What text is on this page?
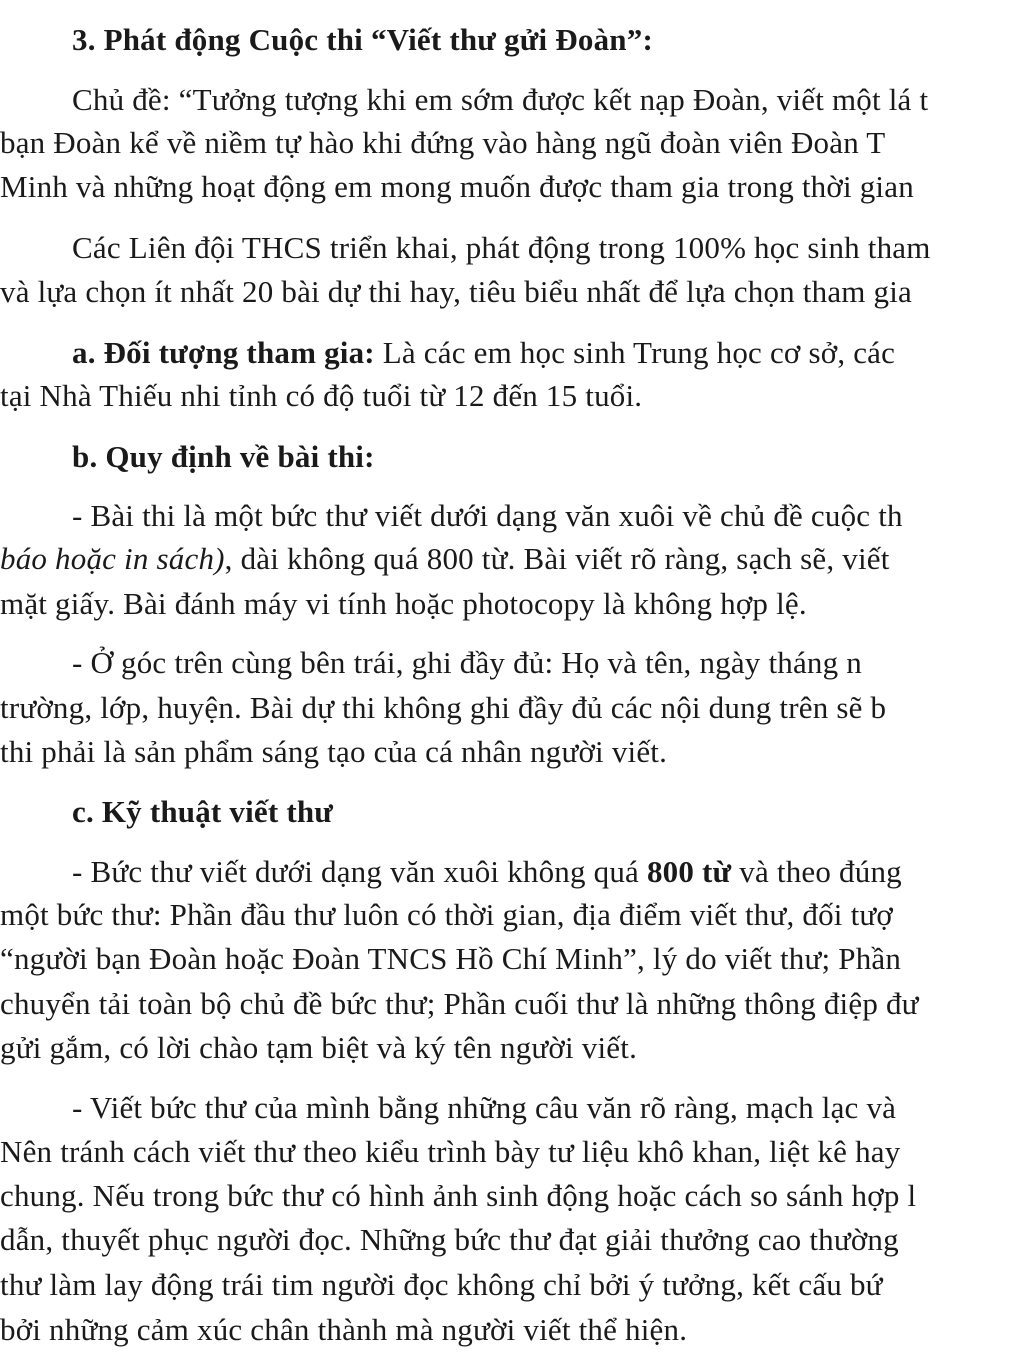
3. Phát động Cuộc thi “Viết thư gửi Đoàn”:
Chủ đề: “Tưởng tượng khi em sớm được kết nạp Đoàn, viết một lá t
bạn Đoàn kể về niềm tự hào khi đứng vào hàng ngũ đoàn viên Đoàn T
Minh và những hoạt động em mong muốn được tham gia trong thời gian
Các Liên đội THCS triển khai, phát động trong 100% học sinh tham
và lựa chọn ít nhất 20 bài dự thi hay, tiêu biểu nhất để lựa chọn tham gia
a. Đối tượng tham gia: Là các em học sinh Trung học cơ sở, các
tại Nhà Thiếu nhi tỉnh có độ tuổi từ 12 đến 15 tuổi.
b. Quy định về bài thi:
- Bài thi là một bức thư viết dưới dạng văn xuôi về chủ đề cuộc th
báo hoặc in sách), dài không quá 800 từ. Bài viết rõ ràng, sạch sẽ, viết
mặt giấy. Bài đánh máy vi tính hoặc photocopy là không hợp lệ.
- Ở góc trên cùng bên trái, ghi đầy đủ: Họ và tên, ngày tháng n
trường, lớp, huyện. Bài dự thi không ghi đầy đủ các nội dung trên sẽ b
thi phải là sản phẩm sáng tạo của cá nhân người viết.
c. Kỹ thuật viết thư
- Bức thư viết dưới dạng văn xuôi không quá 800 từ và theo đúng
một bức thư: Phần đầu thư luôn có thời gian, địa điểm viết thư, đối tượ
“người bạn Đoàn hoặc Đoàn TNCS Hồ Chí Minh”, lý do viết thư; Phần
chuyển tải toàn bộ chủ đề bức thư; Phần cuối thư là những thông điệp đư
gửi gắm, có lời chào tạm biệt và ký tên người viết.
- Viết bức thư của mình bằng những câu văn rõ ràng, mạch lạc và
Nên tránh cách viết thư theo kiểu trình bày tư liệu khô khan, liệt kê hay
chung. Nếu trong bức thư có hình ảnh sinh động hoặc cách so sánh hợp l
dẫn, thuyết phục người đọc. Những bức thư đạt giải thưởng cao thường
thư làm lay động trái tim người đọc không chỉ bởi ý tưởng, kết cấu bứ
bởi những cảm xúc chân thành mà người viết thể hiện.
